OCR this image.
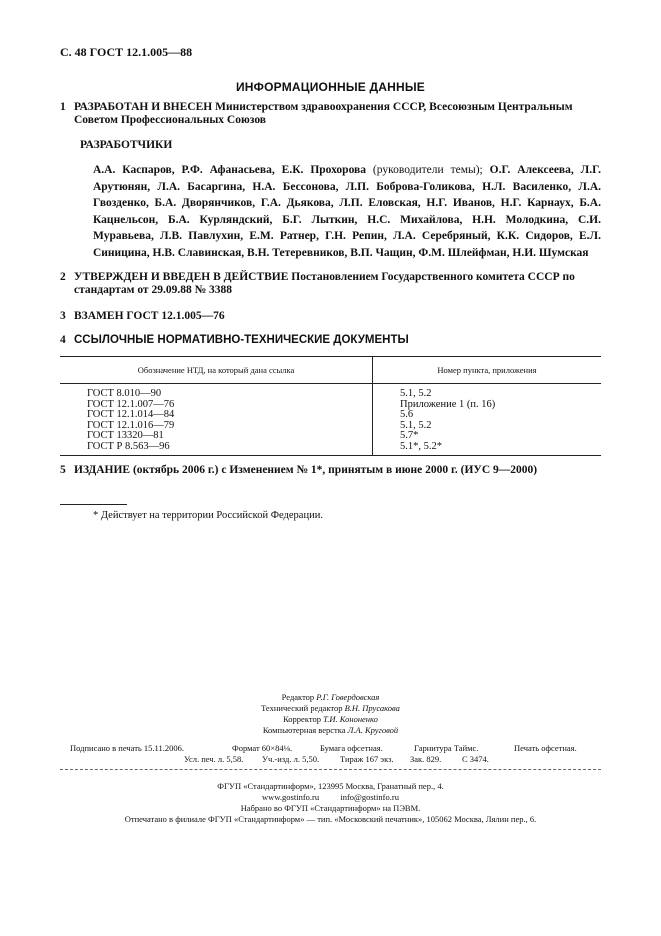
С. 48 ГОСТ 12.1.005—88
ИНФОРМАЦИОННЫЕ ДАННЫЕ
1 РАЗРАБОТАН И ВНЕСЕН Министерством здравоохранения СССР, Всесоюзным Центральным Советом Профессиональных Союзов
РАЗРАБОТЧИКИ
А.А. Каспаров, Р.Ф. Афанасьева, Е.К. Прохорова (руководители темы); О.Г. Алексеева, Л.Г. Арутюнян, Л.А. Басаргина, Н.А. Бессонова, Л.П. Боброва-Голикова, Н.Л. Василенко, Л.А. Гвозденко, Б.А. Дворянчиков, Г.А. Дьякова, Л.П. Еловская, Н.Г. Иванов, Н.Г. Карнаух, Б.А. Кацнельсон, Б.А. Курляндский, Б.Г. Лыткин, Н.С. Михайлова, Н.Н. Молодкина, С.И. Муравьева, Л.В. Павлухин, Е.М. Ратнер, Г.Н. Репин, Л.А. Серебряный, К.К. Сидоров, Е.Л. Синицина, Н.В. Славинская, В.Н. Тетеревников, В.П. Чащин, Ф.М. Шлейфман, Н.И. Шумская
2 УТВЕРЖДЕН И ВВЕДЕН В ДЕЙСТВИЕ Постановлением Государственного комитета СССР по стандартам от 29.09.88 № 3388
3 ВЗАМЕН ГОСТ 12.1.005—76
4 ССЫЛОЧНЫЕ НОРМАТИВНО-ТЕХНИЧЕСКИЕ ДОКУМЕНТЫ
Обозначение НТД, на который дана ссылка	Номер пункта, приложения
ГОСТ 8.010—90	5.1, 5.2
ГОСТ 12.1.007—76	Приложение 1 (п. 16)
ГОСТ 12.1.014—84	5.6
ГОСТ 12.1.016—79	5.1, 5.2
ГОСТ 13320—81	5.7*
ГОСТ Р 8.563—96	5.1*, 5.2*
5 ИЗДАНИЕ (октябрь 2006 г.) с Изменением № 1*, принятым в июне 2000 г. (ИУС 9—2000)
* Действует на территории Российской Федерации.
Редактор Р.Г. Говердовская
Технический редактор В.Н. Прусакова
Корректор Т.И. Кононенко
Компьютерная верстка Л.А. Круговой
Подписано в печать 15.11.2006.	Формат 60×84⅛.	Бумага офсетная.	Гарнитура Таймс.	Печать офсетная.
Усл. печ. л. 5,58. Уч.-изд. л. 5,50. Тираж 167 экз. Зак. 829. С 3474.
ФГУП «Стандартинформ», 123995 Москва, Гранатный пер., 4.
www.gostinfo.ru	info@gostinfo.ru
Набрано во ФГУП «Стандартинформ» на ПЭВМ.
Отпечатано в филиале ФГУП «Стандартинформ» — тип. «Московский печатник», 105062 Москва, Лялин пер., 6.
